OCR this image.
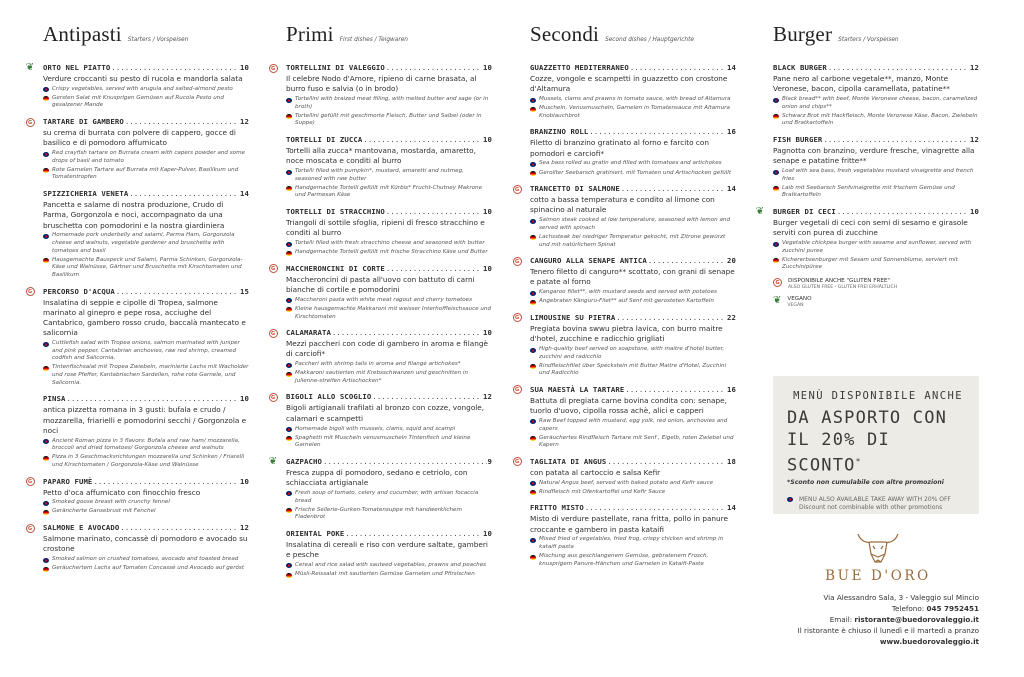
Antipasti Starters / Vorspeisen
❦ ORTO NEL PIATTO .....	10
Verdure croccanti su pesto di rucola e mandorla salata
Crispy vegetables, served with arugula and salted-almond pesto
Gersten Salat mit Knusprigen Gemüsen auf Rucola Pesto und gesalzener Mande
G	TARTARE DI GAMBERO .....	12
su crema di burrata con polvere di cappero, gocce di basilico e di pomodoro affumicato
Red crayfish tartare on Burrata cream with capers powder and some drops of basil and tomato
Rote Garnelen Tartare auf Burrata mit Kaper-Pulver, Basilikum und Tomatentropfen
SPIZZICHERIA VENETA .....	14
Pancetta e salame di nostra produzione, Crudo di Parma, Gorgonzola e noci, accompagnato da una bruschetta con pomodorini e la nostra giardiniera
Homemade pork underbelly and salami, Parma Ham, Gorgonzola cheese and walnuts, vegetable gardener and bruschetta with tomatoes and basil
Hausgemachte Bauspeck und Salami, Parma Schinken, Gorgonzola-Käse und Walnüsse, Gärtner und Bruschetta mit Kirschtomaten und Basilikum
G	PERCORSO D'ACQUA .....	15
Insalatina di seppie e cipolle di Tropea, salmone marinato al ginepro e pepe rosa, acciughe del Cantabrico, gambero rosso crudo, baccalà mantecato e salicornia
Cuttlefish salad with Tropea onions, salmon marinated with juniper and pink pepper, Cantabrian anchovies, raw red shrimp, creamed codfish and Salicornia.
Tintenfischsalat mit Tropea Zwiebeln, marinierte Lachs mit Wacholder und rose Pfeffer, Kantabrischen Sardellen, rohe rote Garnele, und Salicornia.
PINSA .....	10
antica pizzetta romana in 3 gusti: bufala e crudo / mozzarella, friarielli e pomodorini secchi / Gorgonzola e noci
Ancient Roman pizza in 3 flavors: Bufala and raw ham/ mozzarella, broccoli and dried tomatoes/ Gorgonzola cheese and walnuts
Pizza in 3 Geschmacksrichtungen mozzarella und Schinken / Friarelli und Kirschtomaten / Gorgonzola-Käse und Walnüsse
G	PAPARO FUMÈ .....	10
Petto d'oca affumicato con finocchio fresco
Smoked goose breast with crunchy fennel
Geräncherte Gansebrust mit Fenchel
G	SALMONE E AVOCADO .....	12
Salmone marinato, concassè di pomodoro e avocado su crostone
Smoked salmon on crushed tomatoes, avocado and toasted bread
Geräuchertem Lachs auf Tomaten Concassé und Avocado auf geröst
Primi First dishes / Teigwaren
G	TORTELLINI DI VALEGGIO .....	10
Il celebre Nodo d'Amore, ripieno di carne brasata, al burro fuso e salvia (o in brodo)
Tortellini with braized meat filling, with melted butter and sage (or in broth)
Tortellini gefüllt mit geschmorte Fleisch, Butter und Salbei (oder in Suppe)
TORTELLI DI ZUCCA .....	10
Tortelli alla zucca* mantovana, mostarda, amaretto, noce moscata e conditi al burro
Tortelli filled with pumpkin*, mustard, amaretti and nutmeg, seasoned with raw butter
Handgemachte Tortelli gefüllt mit Kürbis* Frucht-Chutney Makrone und Parmesan Käse
TORTELLI DI STRACCHINO .....	10
Triangoli di sottile sfoglia, ripieni di fresco stracchino e conditi al burro
Tortelli filled with fresh stracchino cheese and seasoned with butter
Handgemachte Tortelli gefüllt mit frische Stracchino Käse und Butter
G	MACCHERONCINI DI CORTE .....	10
Maccheroncini di pasta all'uovo con battuto di carni bianche di cortile e pomodorini
Maccheroni pasta with white meat ragout and cherry tomatoes
Kleine hausgemachte Makkaroni mit weisser Interhoffleischsauce und Kirschtomaten
G	CALAMARATA .....	10
Mezzi paccheri con code di gambero in aroma e filangè di carciofi*
Paccheri with shrimp tails in aroma and filangè artichokes*
Makkaroni sautierten mit Krebsschwanzen und geschnitten in Julienne-streifen Artischocken*
G	BIGOLI ALLO SCOGLIO .....	12
Bigoli artigianali trafilati al bronzo con cozze, vongole, calamari e scampetti
Homemade bigoli with mussels, clams, squid and scampi
Spaghetti mit Muscheln venusmuscheln Tintenfisch und kleine Garnelen
❦ GAZPACHO .....	9
Fresca zuppa di pomodoro, sedano e cetriolo, con schiacciata artigianale
Fresh soup of tomato, celery and cucumber, with artisan focaccia bread
Frische Sellerie-Gurken-Tomatensuppe mit handwerklichem Fladenbrot
ORIENTAL POKE .....	10
Insalatina di cereali e riso con verdure saltate, gamberi e pesche
Cereal and rice salad with sauteed vegetables, prawns and peaches
Müsli-Reissalat mit sautierten Gemüse Garnelen und Pfirsischen
Secondi Second dishes / Hauptgerichte
GUAZZETTO MEDITERRANEO .....	14
Cozze, vongole e scampetti in guazzetto con crostone d'Altamura
Mussels, clams and prawns in tomato sauce, with bread of Altamura
Muscheln, Venusmuscheln, Garnelen in Tomatensauce mit Altamura Knoblauchbrot
BRANZINO ROLL .....	16
Filetto di branzino gratinato al forno e farcito con pomodori e carciofi*
Sea bass rolled au gratin and filled with tomatoes and artichokes
Gerollter Seebarsch gratiniert, mit Tomaten und Artischocken gefüllt
G	TRANCETTO DI SALMONE .....	14
cotto a bassa temperatura e condito al limone con spinacino al naturale
Salmon steak cooked at low temperature, seasoned with lemon and served with spinach
Lachssteak bei niedriger Temperatur gekocht, mit Zitrone gewürzt und mit natürlichem Spinat
G	CANGURO ALLA SENAPE ANTICA .....	20
Tenero filetto di canguro** scottato, con grani di senape e patate al forno
Kangaroo fillet**, with mustard seeds and served with potatoes
Angebraten Känguru-Filet** auf Senf mit gerosteten Kartoffeln
G	LIMOUSINE SU PIETRA .....	22
Pregiata bovina swwu pietra lavica, con burro maitre d'hotel, zucchine e radicchio grigliati
High-quality beef served on soapstone, with maitre d'hotel butter, zucchini and radicchio
Rindfleischfilet über Speckstein mit Butter Maitre d'Hotel, Zucchini und Radicchio
G	SUA MAESTÀ LA TARTARE .....	16
Battuta di pregiata carne bovina condita con: senape, tuorlo d'uovo, cipolla rossa achè, alici e capperi
Raw Beef topped with mustard, egg yolk, red onion, anchovies and capers
Geräuchertes Rindfleisch Tartare mit Senf , Eigelb, roten Zwiebel und Kapern
G	TAGLIATA DI ANGUS .....	18
con patata al cartoccio e salsa Kefir
Natural Angus beef, served with baked potato and Kefir sauce
Rindfleisch mit Ofenkartoffel und Kefir Sauce
FRITTO MISTO .....	14
Misto di verdure pastellate, rana fritta, pollo in panure croccante e gambero in pasta kataifi
Mixed fried of vegetables, fried frog, crispy chicken and shrimp in kataifi pasta
Mischung aus geschlangenem Gemüse, gebratenem Frosch, knusprigem Panure-Hänchen und Garnelen in Kataifi-Paste
Burger Starters / Vorspeisen
BLACK BURGER .....	12
Pane nero al carbone vegetale**, manzo, Monte Veronese, bacon, cipolla caramellata, patatine**
Black bread** with beef, Monte Veronese cheese, bacon, caramelized onion and chips**
Schwarz Brot mit Hackfleisch, Monte Veronese Käse, Bacon, Zwiebeln und Bratkartoffeln
FISH BURGER .....	12
Pagnotta con branzino, verdure fresche, vinagrette alla senape e patatine fritte**
Loaf with sea bass, fresh vegetables mustard vinaigrette and french fries
Laib mit Seebarsch Senfvinaigrette mit frischem Gemüse und Bratkartoffeln
❦ BURGER DI CECI .....	10
Burger vegetali di ceci con semi di sesamo e girasole serviti con purea di zucchine
Vegetable chickpea burger with sesame and sunflower, served with zucchini puree
Kichererbsenburger mit Sesam und Sonnenblume, serviert mit Zucchinipüree
G	DISPONIBILE ANCHE "GLUTEN FREE"
ALSO GLUTEN FREE - GLUTEN FREI ERHÄLTLICH
❦ VEGANO
VEGAN
MENÙ DISPONIBILE ANCHE
DA ASPORTO CON
IL 20% DI SCONTO*
*Sconto non cumulabile con altre promozioni
MENU ALSO AVAILABLE TAKE AWAY WITH 20% OFF
Discount not combinable with other promotions
BUE D'ORO
Via Alessandro Sala, 3 - Valeggio sul Mincio
Telefono: 045 7952451
Email: ristorante@buedorovaleggio.it
Il ristorante è chiuso il lunedì e il martedì a pranzo
www.buedorovaleggio.it
